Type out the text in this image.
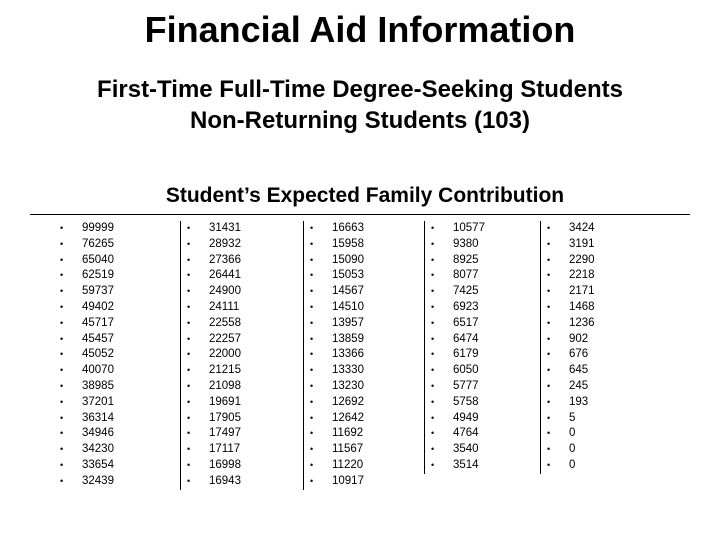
Financial Aid Information
First-Time Full-Time Degree-Seeking Students
Non-Returning Students (103)
Student’s Expected Family Contribution
• 99999
• 76265
• 65040
• 62519
• 59737
• 49402
• 45717
• 45457
• 45052
• 40070
• 38985
• 37201
• 36314
• 34946
• 34230
• 33654
• 32439
• 31431
• 28932
• 27366
• 26441
• 24900
• 24111
• 22558
• 22257
• 22000
• 21215
• 21098
• 19691
• 17905
• 17497
• 17117
• 16998
• 16943
• 16663
• 15958
• 15090
• 15053
• 14567
• 14510
• 13957
• 13859
• 13366
• 13330
• 13230
• 12692
• 12642
• 11692
• 11567
• 11220
• 10917
• 10577
• 9380
• 8925
• 8077
• 7425
• 6923
• 6517
• 6474
• 6179
• 6050
• 5777
• 5758
• 4949
• 4764
• 3540
• 3514
• 3424
• 3191
• 2290
• 2218
• 2171
• 1468
• 1236
• 902
• 676
• 645
• 245
• 193
• 5
• 0
• 0
• 0
